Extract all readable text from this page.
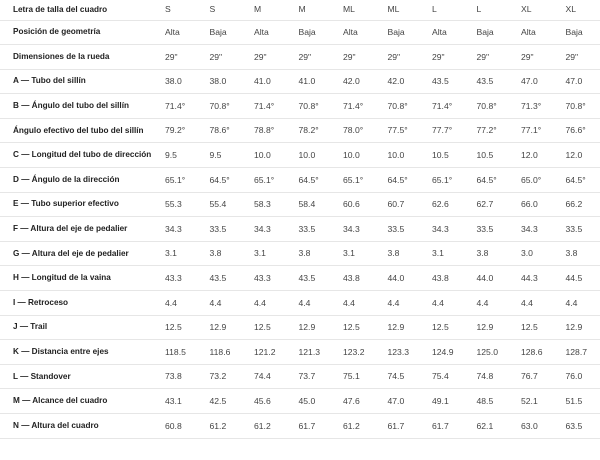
Letra de talla del cuadro	S	S	M	M	ML	ML	L	L	XL	XL
Posición de geometría	Alta	Baja	Alta	Baja	Alta	Baja	Alta	Baja	Alta	Baja
Dimensiones de la rueda	29"	29"	29"	29"	29"	29"	29"	29"	29"	29"
A — Tubo del sillín	38.0	38.0	41.0	41.0	42.0	42.0	43.5	43.5	47.0	47.0
B — Ángulo del tubo del sillín	71.4°	70.8°	71.4°	70.8°	71.4°	70.8°	71.4°	70.8°	71.3°	70.8°
Ángulo efectivo del tubo del sillín	79.2°	78.6°	78.8°	78.2°	78.0°	77.5°	77.7°	77.2°	77.1°	76.6°
C — Longitud del tubo de dirección	9.5	9.5	10.0	10.0	10.0	10.0	10.5	10.5	12.0	12.0
D — Ángulo de la dirección	65.1°	64.5°	65.1°	64.5°	65.1°	64.5°	65.1°	64.5°	65.0°	64.5°
E — Tubo superior efectivo	55.3	55.4	58.3	58.4	60.6	60.7	62.6	62.7	66.0	66.2
F — Altura del eje de pedalier	34.3	33.5	34.3	33.5	34.3	33.5	34.3	33.5	34.3	33.5
G — Altura del eje de pedalier	3.1	3.8	3.1	3.8	3.1	3.8	3.1	3.8	3.0	3.8
H — Longitud de la vaina	43.3	43.5	43.3	43.5	43.8	44.0	43.8	44.0	44.3	44.5
I — Retroceso	4.4	4.4	4.4	4.4	4.4	4.4	4.4	4.4	4.4	4.4
J — Trail	12.5	12.9	12.5	12.9	12.5	12.9	12.5	12.9	12.5	12.9
K — Distancia entre ejes	118.5	118.6	121.2	121.3	123.2	123.3	124.9	125.0	128.6	128.7
L — Standover	73.8	73.2	74.4	73.7	75.1	74.5	75.4	74.8	76.7	76.0
M — Alcance del cuadro	43.1	42.5	45.6	45.0	47.6	47.0	49.1	48.5	52.1	51.5
N — Altura del cuadro	60.8	61.2	61.2	61.7	61.2	61.7	61.7	62.1	63.0	63.5
